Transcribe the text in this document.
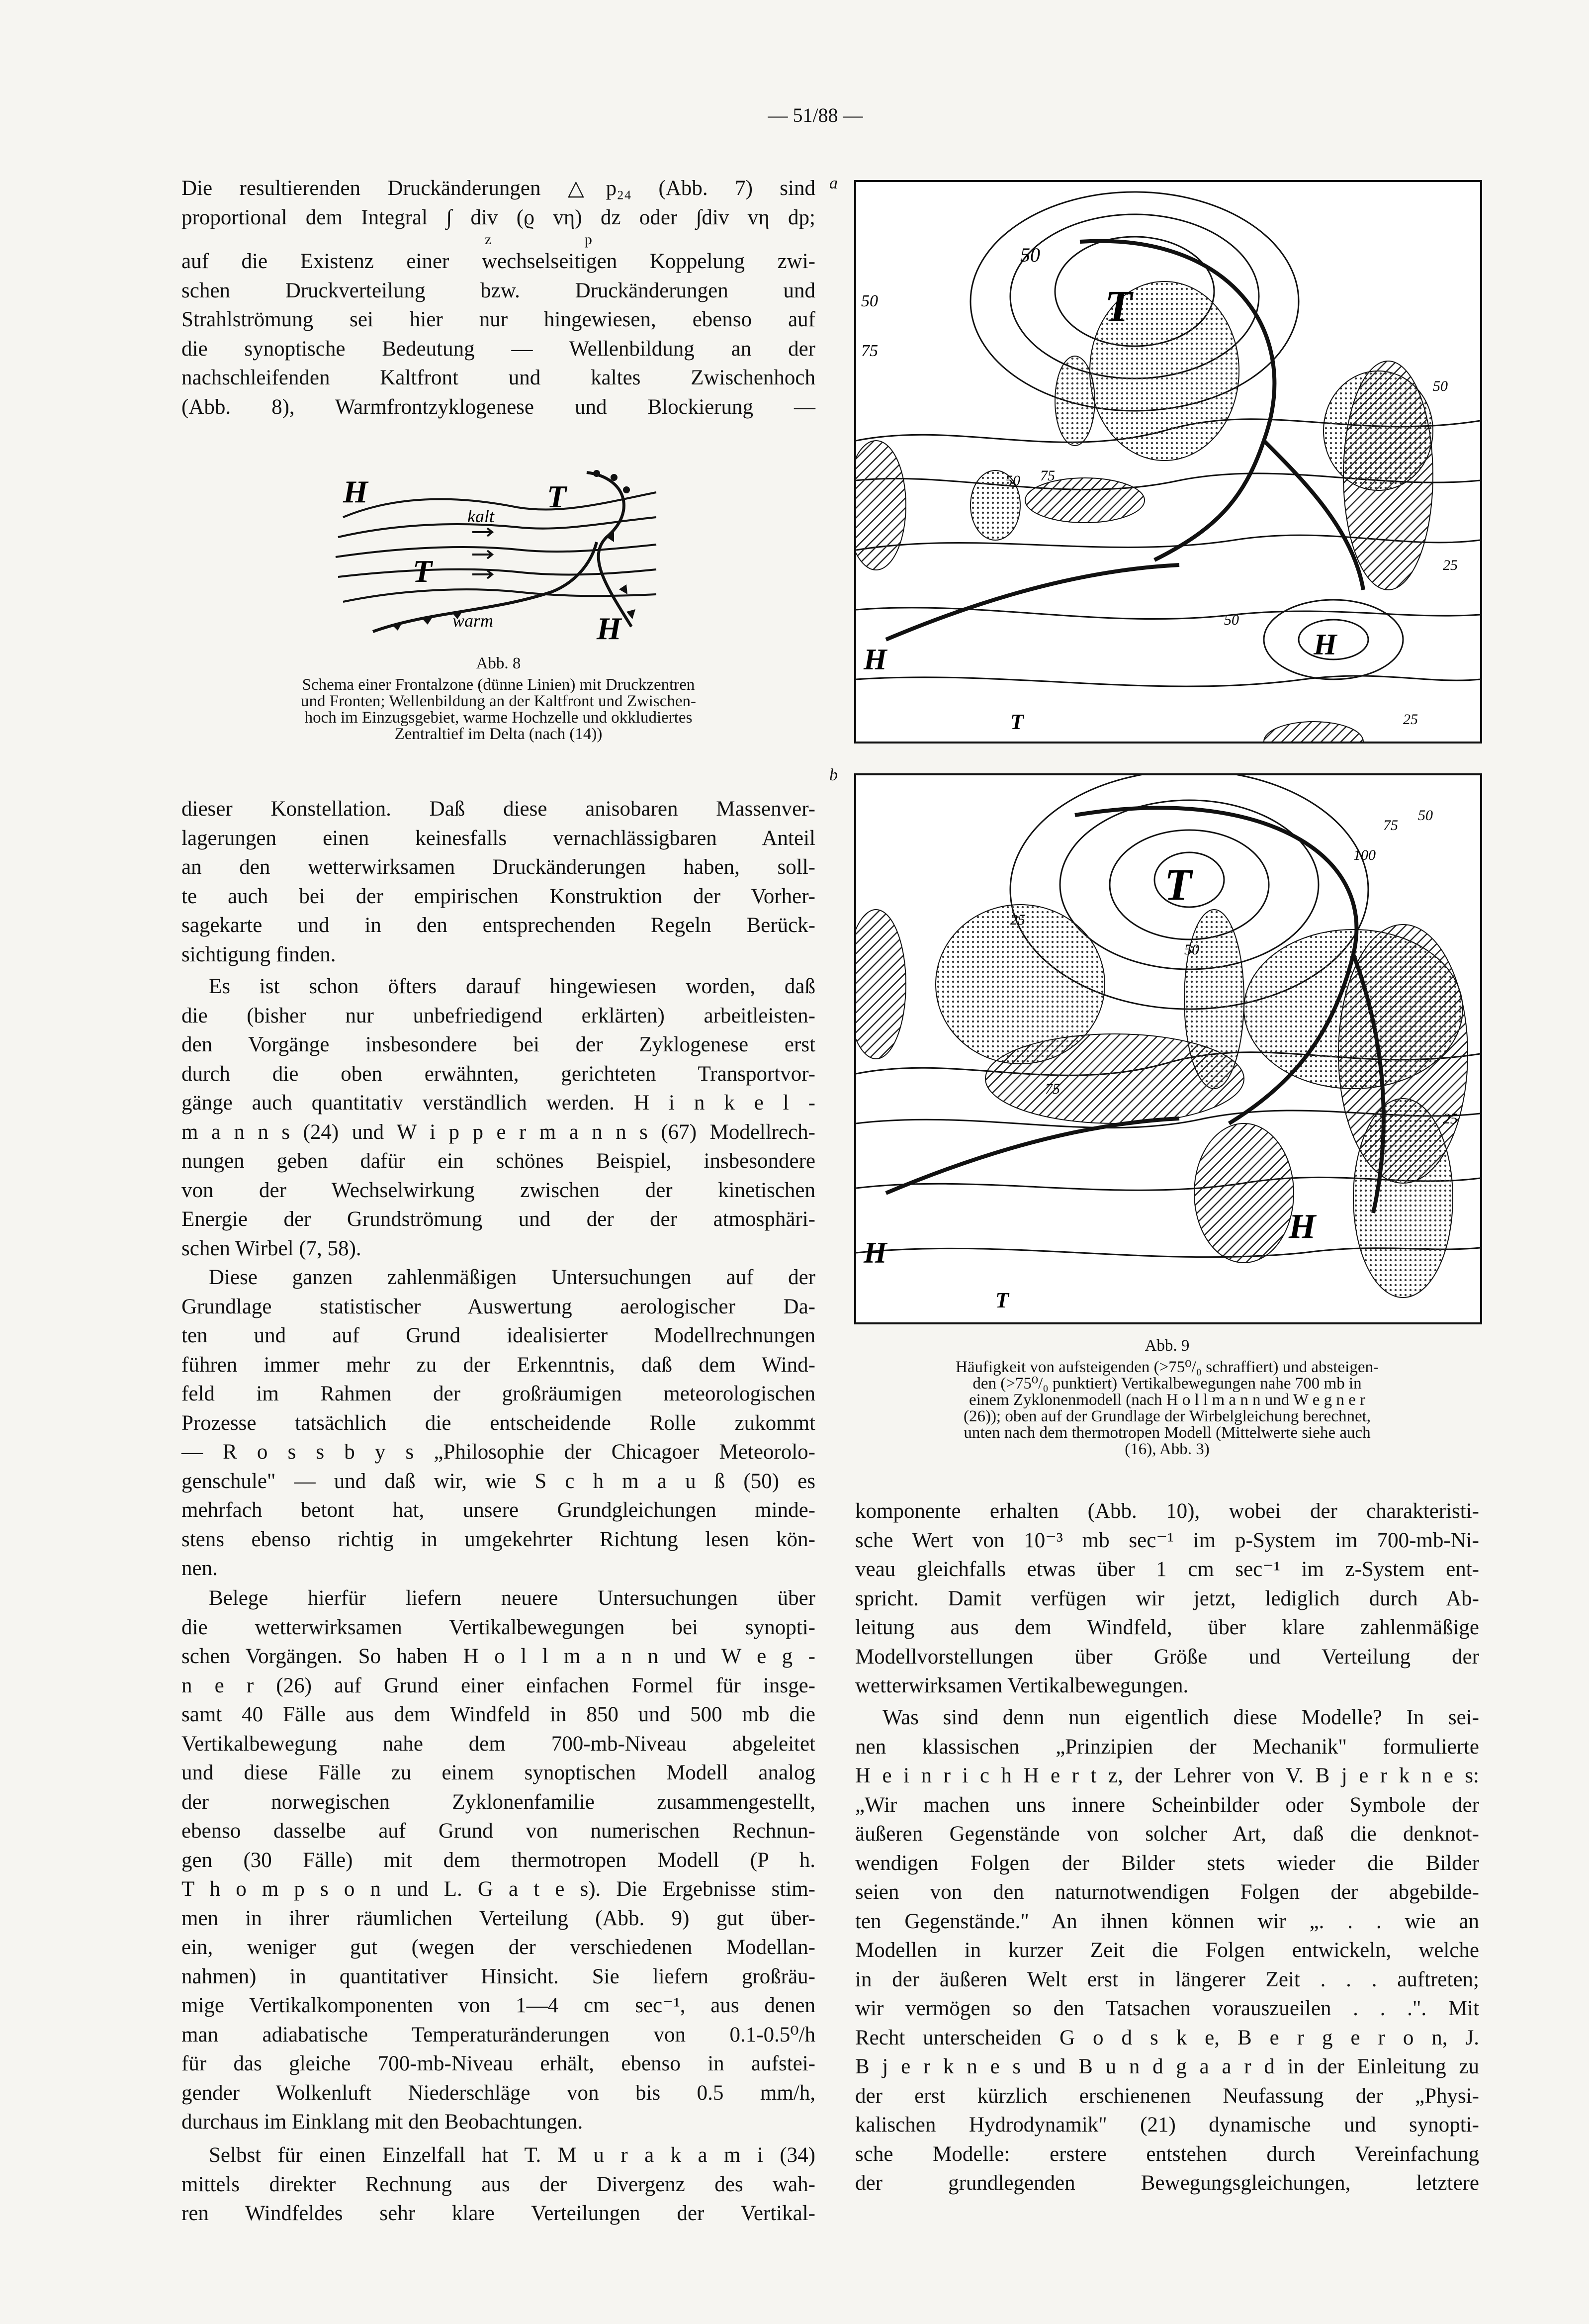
— 51/88 —
Die resultierenden Druckänderungen △p₂₄ (Abb. 7) sind
proportional dem Integral ∫ div (ϱ vη) dz oder ∫div vη dp;
z                         p
auf die Existenz einer wechselseitigen Koppelung zwi-
schen Druckverteilung bzw. Druckänderungen und
Strahlströmung sei hier nur hingewiesen, ebenso auf
die synoptische Bedeutung — Wellenbildung an der
nachschleifenden Kaltfront und kaltes Zwischenhoch
(Abb. 8), Warmfrontzyklogenese und Blockierung —
H	T
T
H
kalt
warm
Abb. 8
Schema einer Frontalzone (dünne Linien) mit Druckzentren
und Fronten; Wellenbildung an der Kaltfront und Zwischen-
hoch im Einzugsgebiet, warme Hochzelle und okkludiertes
Zentraltief im Delta (nach (14))
dieser Konstellation. Daß diese anisobaren Massenver-
lagerungen einen keinesfalls vernachlässigbaren Anteil
an den wetterwirksamen Druckänderungen haben, soll-
te auch bei der empirischen Konstruktion der Vorher-
sagekarte und in den entsprechenden Regeln Berück-
sichtigung finden.
Es ist schon öfters darauf hingewiesen worden, daß
die (bisher nur unbefriedigend erklärten) arbeitleisten-
den Vorgänge insbesondere bei der Zyklogenese erst
durch die oben erwähnten, gerichteten Transportvor-
gänge auch quantitativ verständlich werden. H i n k e l -
m a n n s (24) und W i p p e r m a n n s (67) Modellrech-
nungen geben dafür ein schönes Beispiel, insbesondere
von der Wechselwirkung zwischen der kinetischen
Energie der Grundströmung und der der atmosphäri-
schen Wirbel (7, 58).
Diese ganzen zahlenmäßigen Untersuchungen auf der
Grundlage statistischer Auswertung aerologischer Da-
ten und auf Grund idealisierter Modellrechnungen
führen immer mehr zu der Erkenntnis, daß dem Wind-
feld im Rahmen der großräumigen meteorologischen
Prozesse tatsächlich die entscheidende Rolle zukommt
— R o s s b y s „Philosophie der Chicagoer Meteorolo-
genschule" — und daß wir, wie S c h m a u ß (50) es
mehrfach betont hat, unsere Grundgleichungen minde-
stens ebenso richtig in umgekehrter Richtung lesen kön-
nen.
Belege hierfür liefern neuere Untersuchungen über
die wetterwirksamen Vertikalbewegungen bei synopti-
schen Vorgängen. So haben H o l l m a n n und W e g -
n e r (26) auf Grund einer einfachen Formel für insge-
samt 40 Fälle aus dem Windfeld in 850 und 500 mb die
Vertikalbewegung nahe dem 700-mb-Niveau abgeleitet
und diese Fälle zu einem synoptischen Modell analog
der norwegischen Zyklonenfamilie zusammengestellt,
ebenso dasselbe auf Grund von numerischen Rechnun-
gen (30 Fälle) mit dem thermotropen Modell (P h.
T h o m p s o n und L. G a t e s). Die Ergebnisse stim-
men in ihrer räumlichen Verteilung (Abb. 9) gut über-
ein, weniger gut (wegen der verschiedenen Modellan-
nahmen) in quantitativer Hinsicht. Sie liefern großräu-
mige Vertikalkomponenten von 1—4 cm sec⁻¹, aus denen
man adiabatische Temperaturänderungen von 0.1-0.5⁰/h
für das gleiche 700-mb-Niveau erhält, ebenso in aufstei-
gender Wolkenluft Niederschläge von bis 0.5 mm/h,
durchaus im Einklang mit den Beobachtungen.
Selbst für einen Einzelfall hat T. M u r a k a m i (34)
mittels direkter Rechnung aus der Divergenz des wah-
ren Windfeldes sehr klare Verteilungen der Vertikal-
a
50
75
50
50 75
50
25
25
50
T
H
H
T
b
50
75
100
25
50
75
25
T
H
H
T
Abb. 9
Häufigkeit von aufsteigenden (>75⁰/₀ schraffiert) und absteigen-
den (>75⁰/₀ punktiert) Vertikalbewegungen nahe 700 mb in
einem Zyklonenmodell (nach H o l l m a n n und W e g n e r
(26)); oben auf der Grundlage der Wirbelgleichung berechnet,
unten nach dem thermotropen Modell (Mittelwerte siehe auch
(16), Abb. 3)
komponente erhalten (Abb. 10), wobei der charakteristi-
sche Wert von 10⁻³ mb sec⁻¹ im p-System im 700-mb-Ni-
veau gleichfalls etwas über 1 cm sec⁻¹ im z-System ent-
spricht. Damit verfügen wir jetzt, lediglich durch Ab-
leitung aus dem Windfeld, über klare zahlenmäßige
Modellvorstellungen über Größe und Verteilung der
wetterwirksamen Vertikalbewegungen.
Was sind denn nun eigentlich diese Modelle? In sei-
nen klassischen „Prinzipien der Mechanik" formulierte
H e i n r i c h H e r t z, der Lehrer von V. B j e r k n e s:
„Wir machen uns innere Scheinbilder oder Symbole der
äußeren Gegenstände von solcher Art, daß die denknot-
wendigen Folgen der Bilder stets wieder die Bilder
seien von den naturnotwendigen Folgen der abgebilde-
ten Gegenstände." An ihnen können wir „. . . wie an
Modellen in kurzer Zeit die Folgen entwickeln, welche
in der äußeren Welt erst in längerer Zeit . . . auftreten;
wir vermögen so den Tatsachen vorauszueilen . . .". Mit
Recht unterscheiden G o d s k e, B e r g e r o n, J.
B j e r k n e s und B u n d g a a r d in der Einleitung zu
der erst kürzlich erschienenen Neufassung der „Physi-
kalischen Hydrodynamik" (21) dynamische und synopti-
sche Modelle: erstere entstehen durch Vereinfachung
der grundlegenden Bewegungsgleichungen, letztere
